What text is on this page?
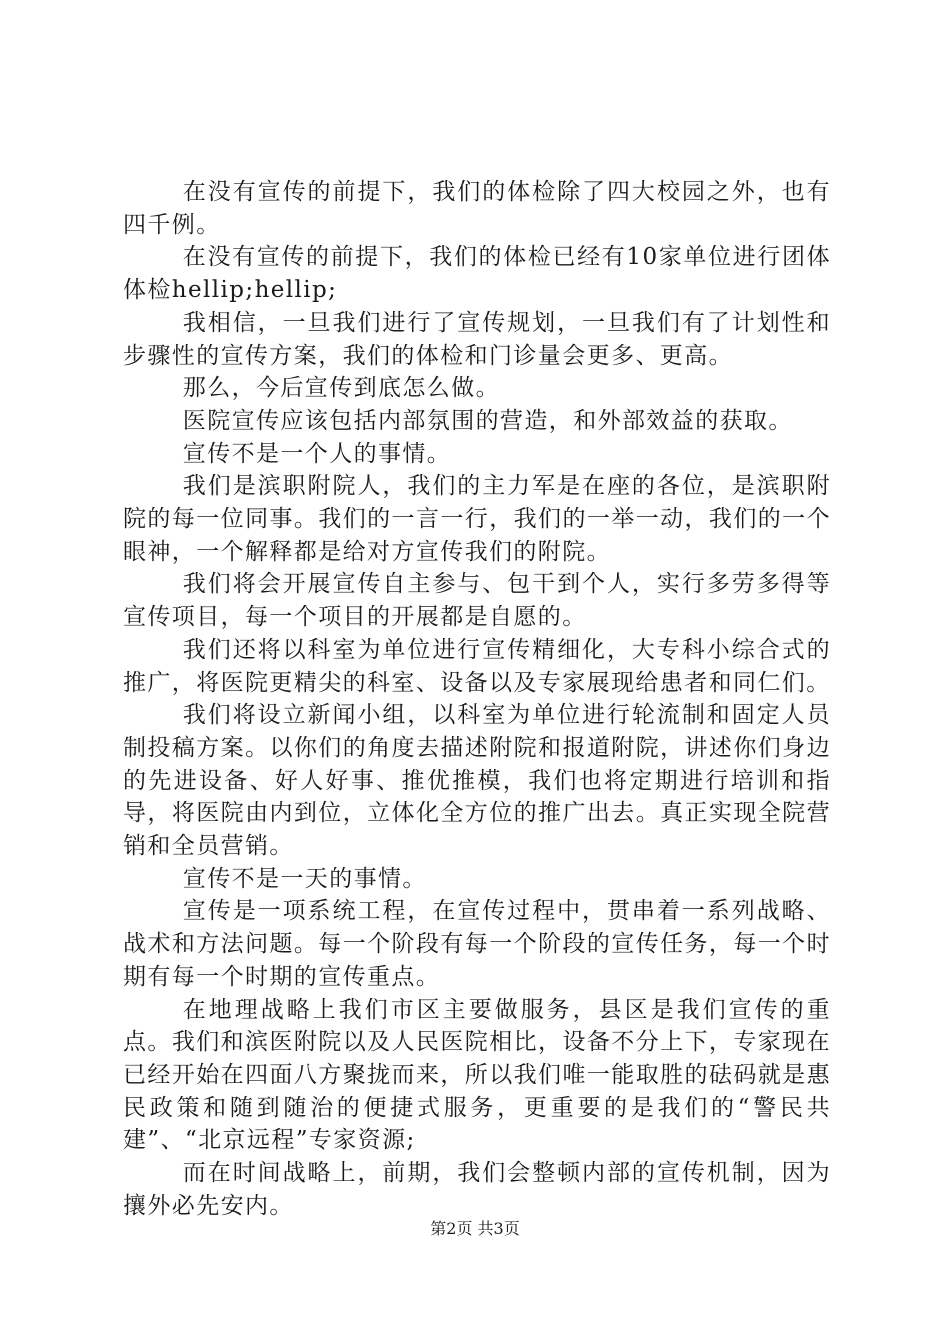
在没有宣传的前提下，我们的体检除了四大校园之外，也有四千例。

在没有宣传的前提下，我们的体检已经有10家单位进行团体体检hellip;hellip;

我相信，一旦我们进行了宣传规划，一旦我们有了计划性和步骤性的宣传方案，我们的体检和门诊量会更多、更高。

那么，今后宣传到底怎么做。

医院宣传应该包括内部氛围的营造，和外部效益的获取。

宣传不是一个人的事情。

我们是滨职附院人，我们的主力军是在座的各位，是滨职附院的每一位同事。我们的一言一行，我们的一举一动，我们的一个眼神，一个解释都是给对方宣传我们的附院。

我们将会开展宣传自主参与、包干到个人，实行多劳多得等宣传项目，每一个项目的开展都是自愿的。

我们还将以科室为单位进行宣传精细化，大专科小综合式的推广，将医院更精尖的科室、设备以及专家展现给患者和同仁们。

我们将设立新闻小组，以科室为单位进行轮流制和固定人员制投稿方案。以你们的角度去描述附院和报道附院，讲述你们身边的先进设备、好人好事、推优推模，我们也将定期进行培训和指导，将医院由内到位，立体化全方位的推广出去。真正实现全院营销和全员营销。

宣传不是一天的事情。

宣传是一项系统工程，在宣传过程中，贯串着一系列战略、战术和方法问题。每一个阶段有每一个阶段的宣传任务，每一个时期有每一个时期的宣传重点。

在地理战略上我们市区主要做服务，县区是我们宣传的重点。我们和滨医附院以及人民医院相比，设备不分上下，专家现在已经开始在四面八方聚拢而来，所以我们唯一能取胜的砝码就是惠民政策和随到随治的便捷式服务，更重要的是我们的“警民共建”、“北京远程”专家资源;

而在时间战略上，前期，我们会整顿内部的宣传机制，因为攘外必先安内。

第2页 共3页
